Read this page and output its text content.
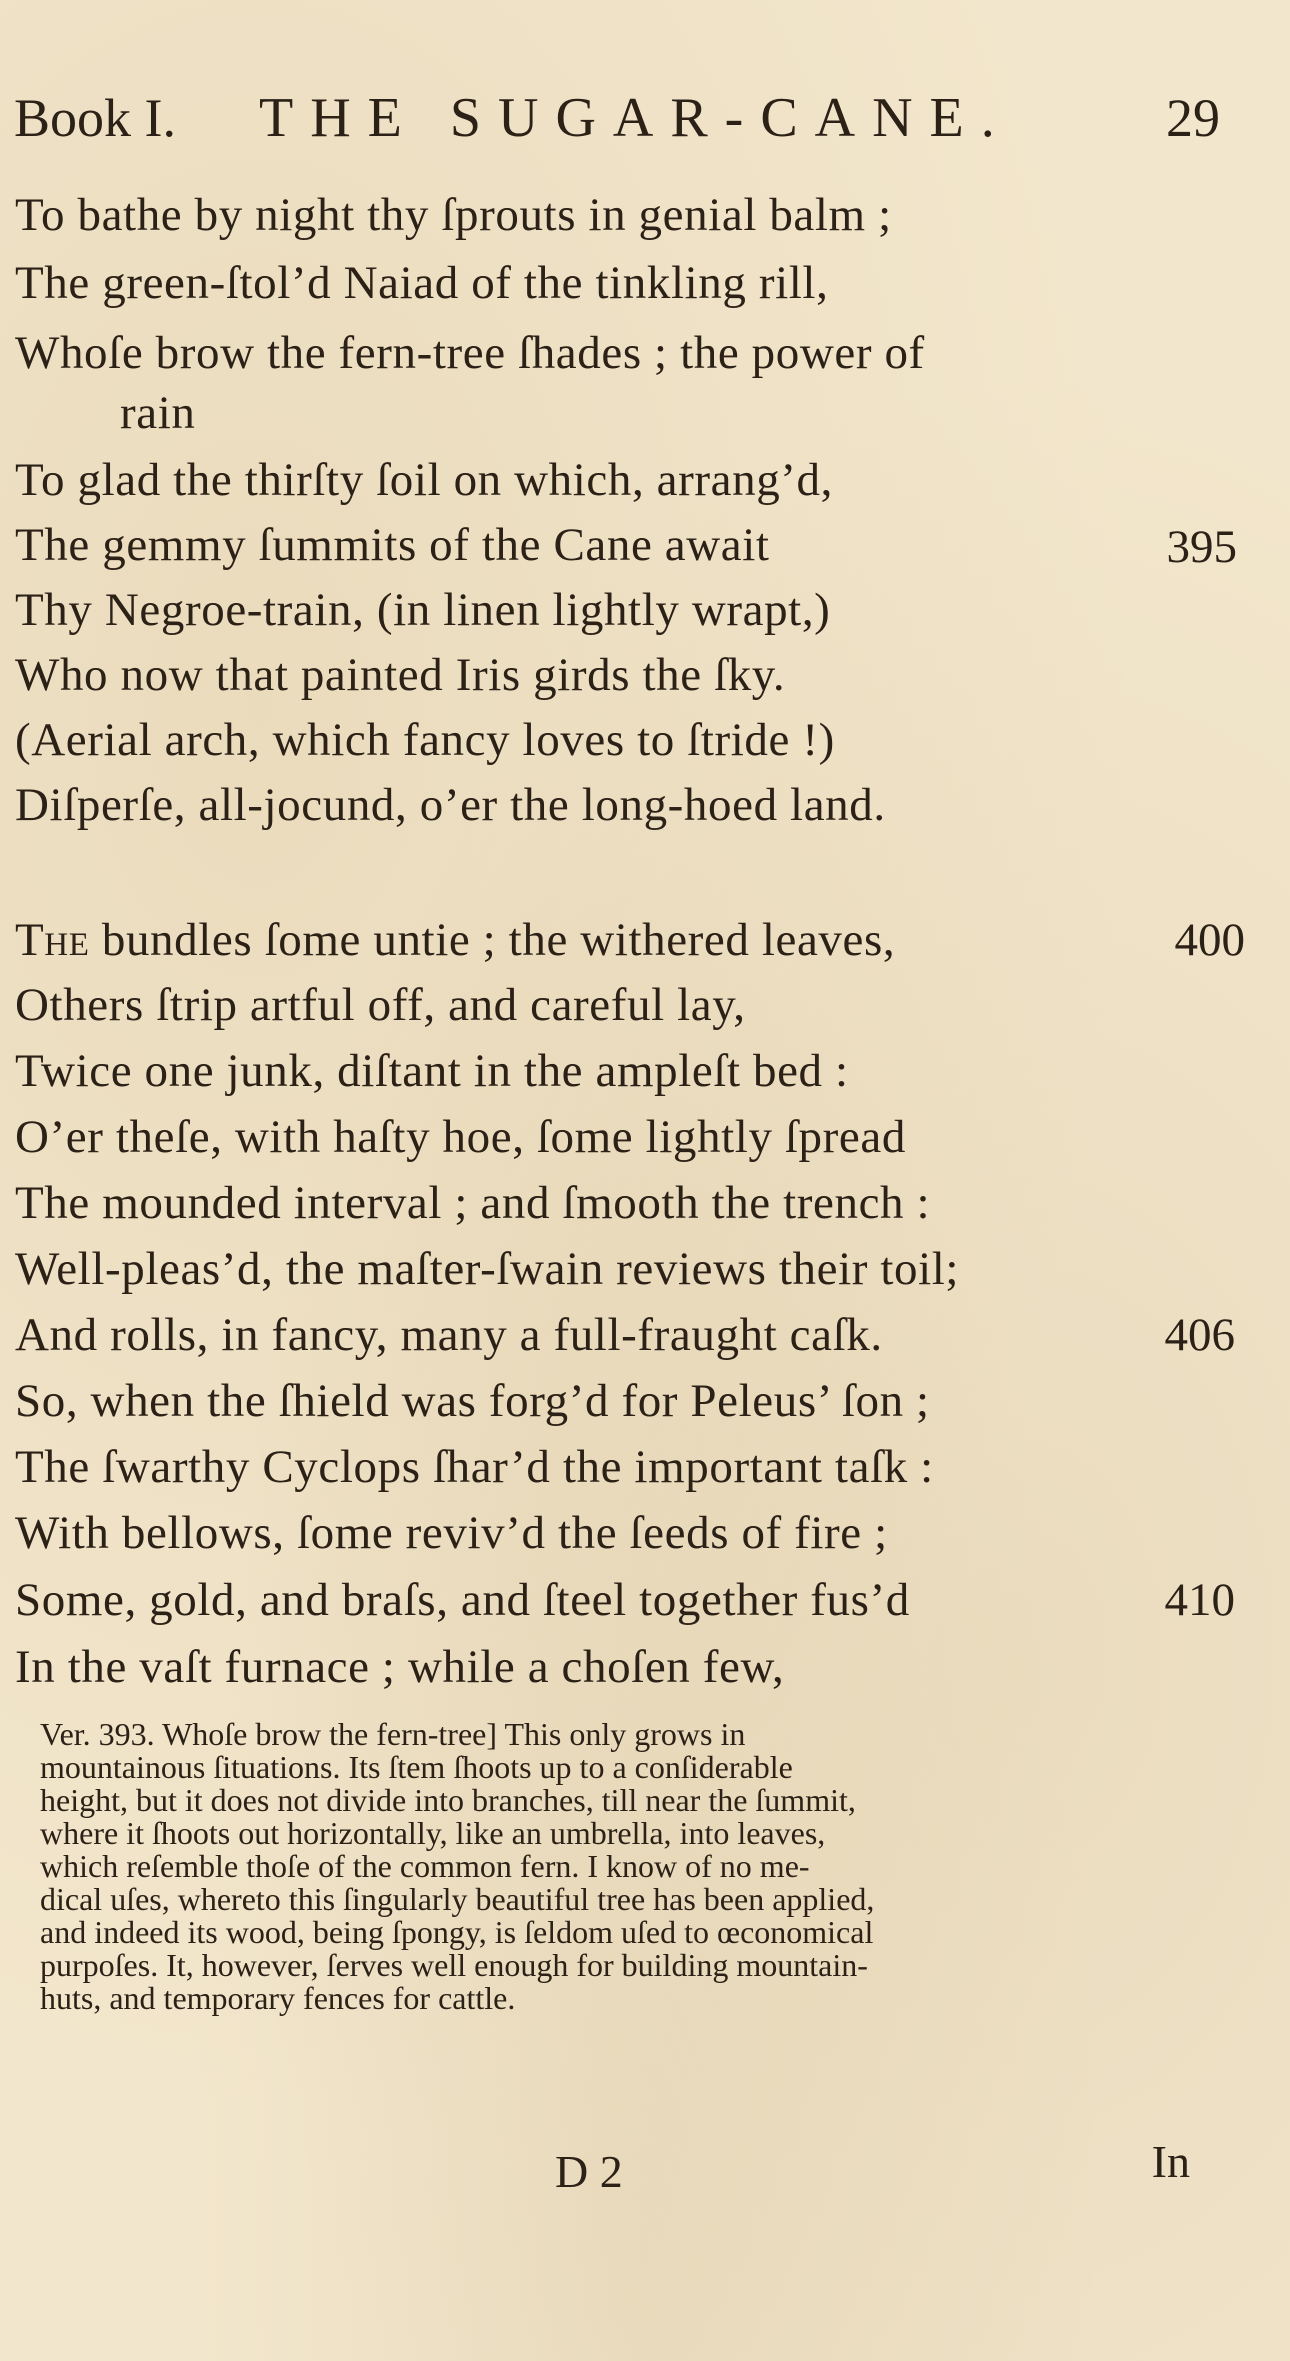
Book I. THE SUGAR-CANE.	29
To bathe by night thy ſprouts in genial balm ;
The green-ſtol’d Naiad of the tinkling rill,
Whoſe brow the fern-tree ſhades ; the power of
rain
To glad the thirſty ſoil on which, arrang’d,
The gemmy ſummits of the Cane await	395
Thy Negroe-train, (in linen lightly wrapt,)
Who now that painted Iris girds the ſky.
(Aerial arch, which fancy loves to ſtride !)
Diſperſe, all-jocund, o’er the long-hoed land.
The bundles ſome untie ; the withered leaves,	400
Others ſtrip artful off, and careful lay,
Twice one junk, diſtant in the ampleſt bed :
O’er theſe, with haſty hoe, ſome lightly ſpread
The mounded interval ; and ſmooth the trench :
Well-pleas’d, the maſter-ſwain reviews their toil;
And rolls, in fancy, many a full-fraught caſk.	406
So, when the ſhield was forg’d for Peleus’ ſon ;
The ſwarthy Cyclops ſhar’d the important taſk :
With bellows, ſome reviv’d the ſeeds of fire ;
Some, gold, and braſs, and ſteel together fus’d	410
In the vaſt furnace ; while a choſen few,
Ver. 393. Whoſe brow the fern-tree] This only grows in
mountainous ſituations. Its ſtem ſhoots up to a conſiderable
height, but it does not divide into branches, till near the ſummit,
where it ſhoots out horizontally, like an umbrella, into leaves,
which reſemble thoſe of the common fern. I know of no me-
dical uſes, whereto this ſingularly beautiful tree has been applied,
and indeed its wood, being ſpongy, is ſeldom uſed to œconomical
purpoſes. It, however, ſerves well enough for building mountain-
huts, and temporary fences for cattle.
D 2	In
